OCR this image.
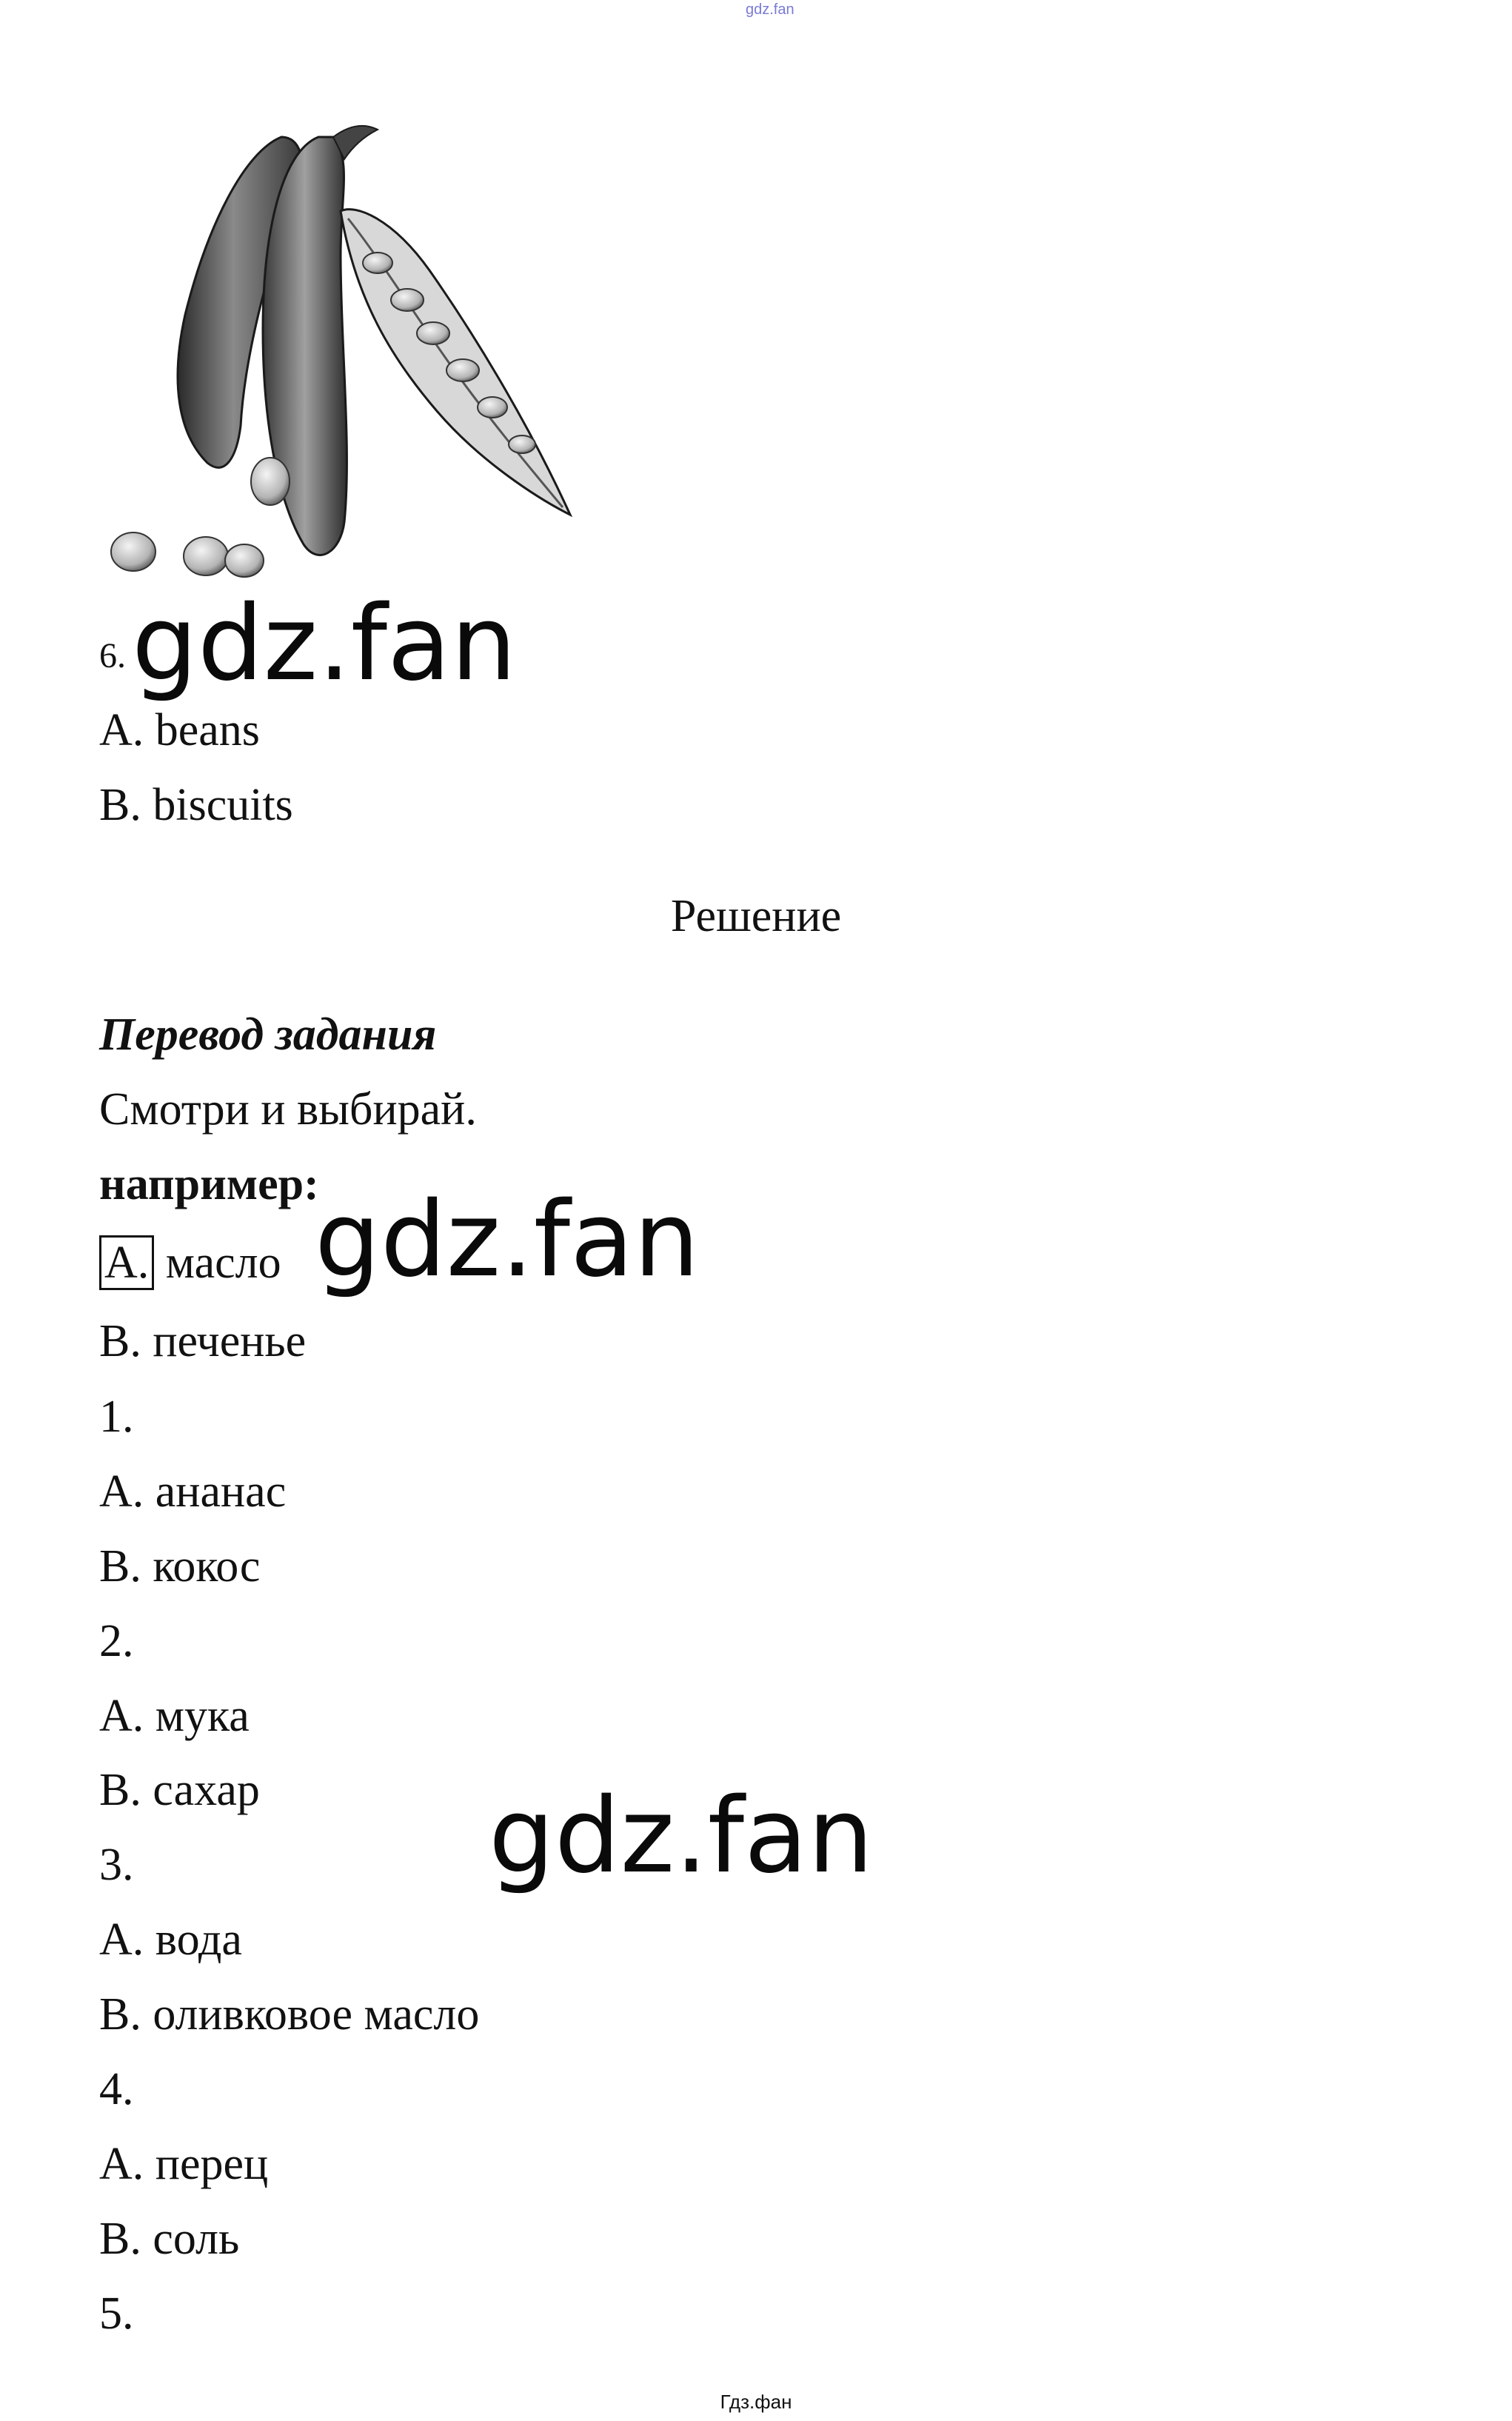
gdz.fan
6. gdz.fan
A. beans
B. biscuits
Решение
Перевод задания
Смотри и выбирай.
например:
A. масло gdz.fan
B. печенье
1.
A. ананас
B. кокос
2.
A. мука
B. сахар gdz.fan
3.
A. вода
B. оливковое масло
4.
A. перец
B. соль
5.
Гдз.фан
